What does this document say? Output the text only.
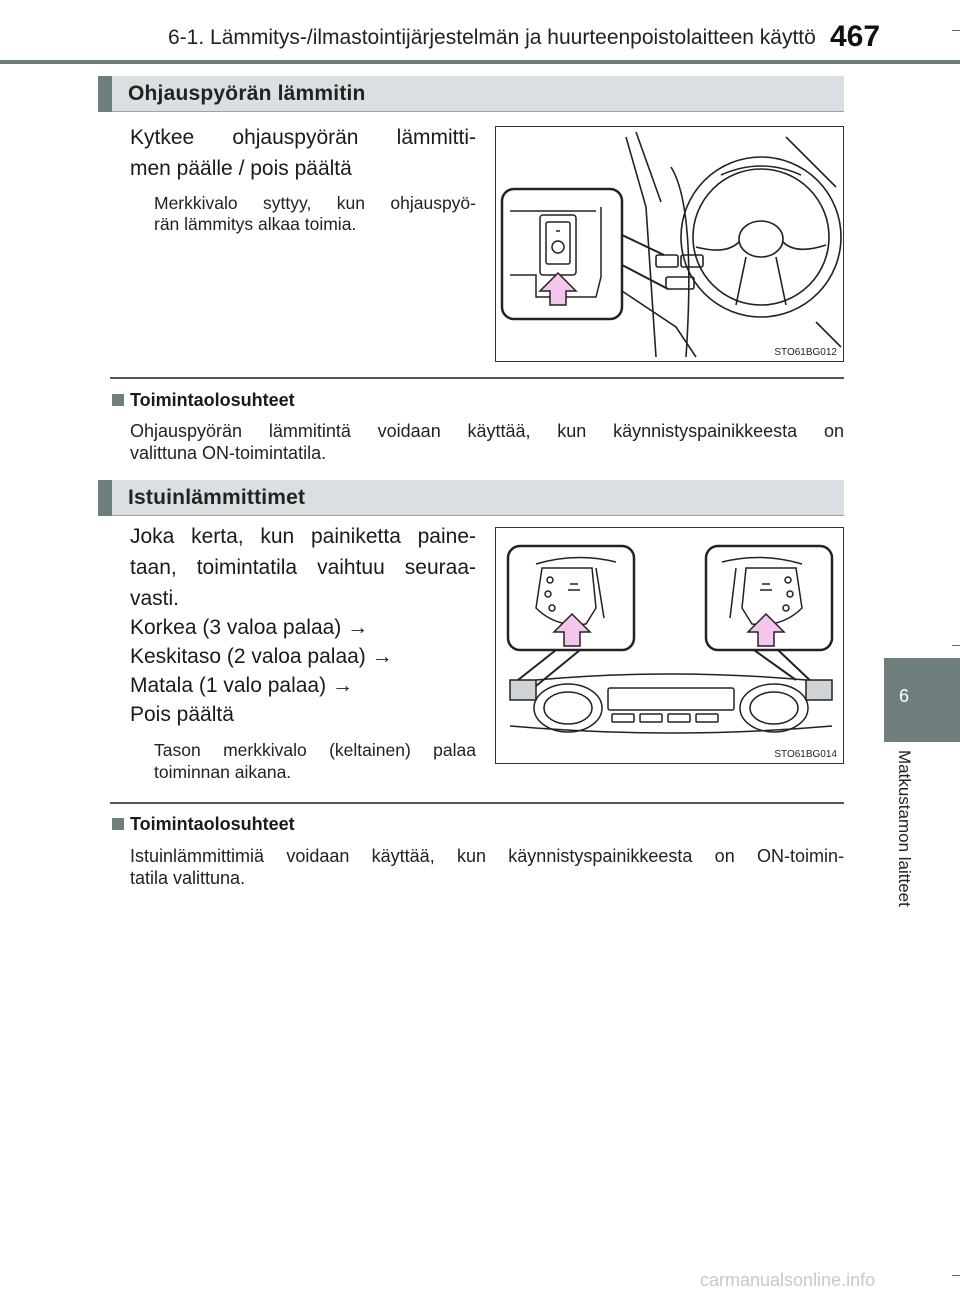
6-1. Lämmitys-/ilmastointijärjestelmän ja huurteenpoistolaitteen käyttö 467
Ohjauspyörän lämmitin
Kytkee ohjauspyörän lämmitti-
men päälle / pois päältä
Merkkivalo syttyy, kun ohjauspyö-
rän lämmitys alkaa toimia.
STO61BG012
Toimintaolosuhteet
Ohjauspyörän lämmitintä voidaan käyttää, kun käynnistyspainikkeesta on
valittuna ON-toimintatila.
Istuinlämmittimet
Joka kerta, kun painiketta paine-
taan, toimintatila vaihtuu seuraa-
vasti.
Korkea (3 valoa palaa) →
Keskitaso (2 valoa palaa) →
Matala (1 valo palaa) →
Pois päältä
Tason merkkivalo (keltainen) palaa
toiminnan aikana.
STO61BG014
Toimintaolosuhteet
Istuinlämmittimiä voidaan käyttää, kun käynnistyspainikkeesta on ON-toimin-
tatila valittuna.
6
Matkustamon laitteet
carmanualsonline.info
